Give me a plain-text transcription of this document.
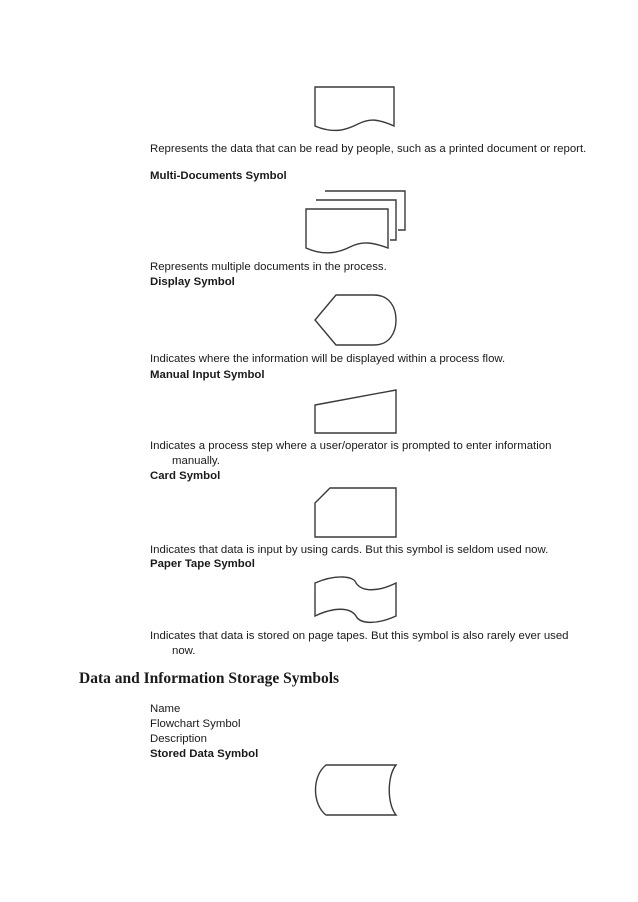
Represents the data that can be read by people, such as a printed document or report.

Multi-Documents Symbol

Represents multiple documents in the process.

Display Symbol

Indicates where the information will be displayed within a process flow.

Manual Input Symbol

Indicates a process step where a user/operator is prompted to enter information manually.

Card Symbol

Indicates that data is input by using cards. But this symbol is seldom used now.

Paper Tape Symbol

Indicates that data is stored on page tapes. But this symbol is also rarely ever used now.

Data and Information Storage Symbols

Name

Flowchart Symbol

Description

Stored Data Symbol
